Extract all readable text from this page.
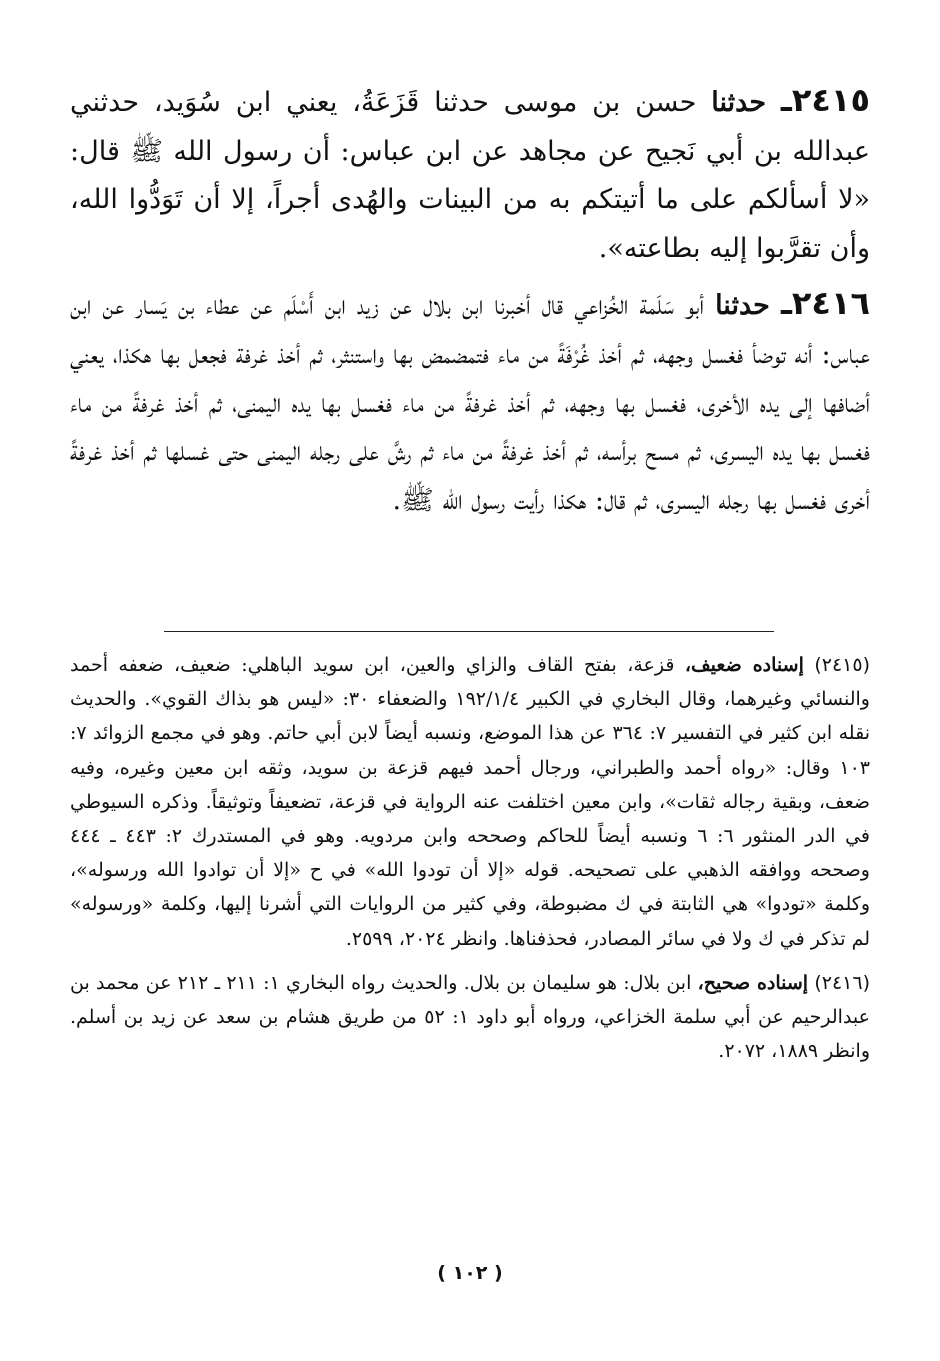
٢٤١٥ـ حدثنا حسن بن موسى حدثنا قَزَعَةُ، يعني ابن سُوَيد، حدثني عبدالله بن أبي نَجيح عن مجاهد عن ابن عباس: أن رسول الله ﷺ قال: «لا أسألكم على ما أتيتكم به من البينات والهُدى أجراً، إلا أن تَوَدُّوا الله، وأن تقرَّبوا إليه بطاعته».

٢٤١٦ـ حدثنا أبو سَلَمة الخُزاعي قال أخبرنا ابن بلال عن زيد ابن أَسْلَم عن عطاء بن يَسار عن ابن عباس: أنه توضأ فغسل وجهه، ثم أخذ غُرْفَةً من ماء فتمضمض بها واستنثر، ثم أخذ غرفة فجعل بها هكذا، يعني أضافها إلى يده الأخرى، فغسل بها وجهه، ثم أخذ غرفةً من ماء فغسل بها يده اليمنى، ثم أخذ غرفةً من ماء فغسل بها يده اليسرى، ثم مسح برأسه، ثم أخذ غرفةً من ماء ثم رشَّ على رجله اليمنى حتى غسلها ثم أخذ غرفةً أخرى فغسل بها رجله اليسرى، ثم قال: هكذا رأيت رسول الله ﷺ.

(٢٤١٥) إسناده ضعيف، قزعة، بفتح القاف والزاي والعين، ابن سويد الباهلي: ضعيف، ضعفه أحمد والنسائي وغيرهما، وقال البخاري في الكبير ١٩٢/١/٤ والضعفاء ٣٠: «ليس هو بذاك القوي». والحديث نقله ابن كثير في التفسير ٧: ٣٦٤ عن هذا الموضع، ونسبه أيضاً لابن أبي حاتم. وهو في مجمع الزوائد ٧: ١٠٣ وقال: «رواه أحمد والطبراني، ورجال أحمد فيهم قزعة بن سويد، وثقه ابن معين وغيره، وفيه ضعف، وبقية رجاله ثقات»، وابن معين اختلفت عنه الرواية في قزعة، تضعيفاً وتوثيقاً. وذكره السيوطي في الدر المنثور ٦: ٦ ونسبه أيضاً للحاكم وصححه وابن مردويه. وهو في المستدرك ٢: ٤٤٣ ـ ٤٤٤ وصححه ووافقه الذهبي على تصحيحه. قوله «إلا أن تودوا الله» في ح «إلا أن توادوا الله ورسوله»، وكلمة «تودوا» هي الثابتة في ك مضبوطة، وفي كثير من الروايات التي أشرنا إليها، وكلمة «ورسوله» لم تذكر في ك ولا في سائر المصادر، فحذفناها. وانظر ٢٠٢٤، ٢٥٩٩.

(٢٤١٦) إسناده صحيح، ابن بلال: هو سليمان بن بلال. والحديث رواه البخاري ١: ٢١١ ـ ٢١٢ عن محمد بن عبدالرحيم عن أبي سلمة الخزاعي، ورواه أبو داود ١: ٥٢ من طريق هشام بن سعد عن زيد بن أسلم. وانظر ١٨٨٩، ٢٠٧٢.

( ١٠٢ )
